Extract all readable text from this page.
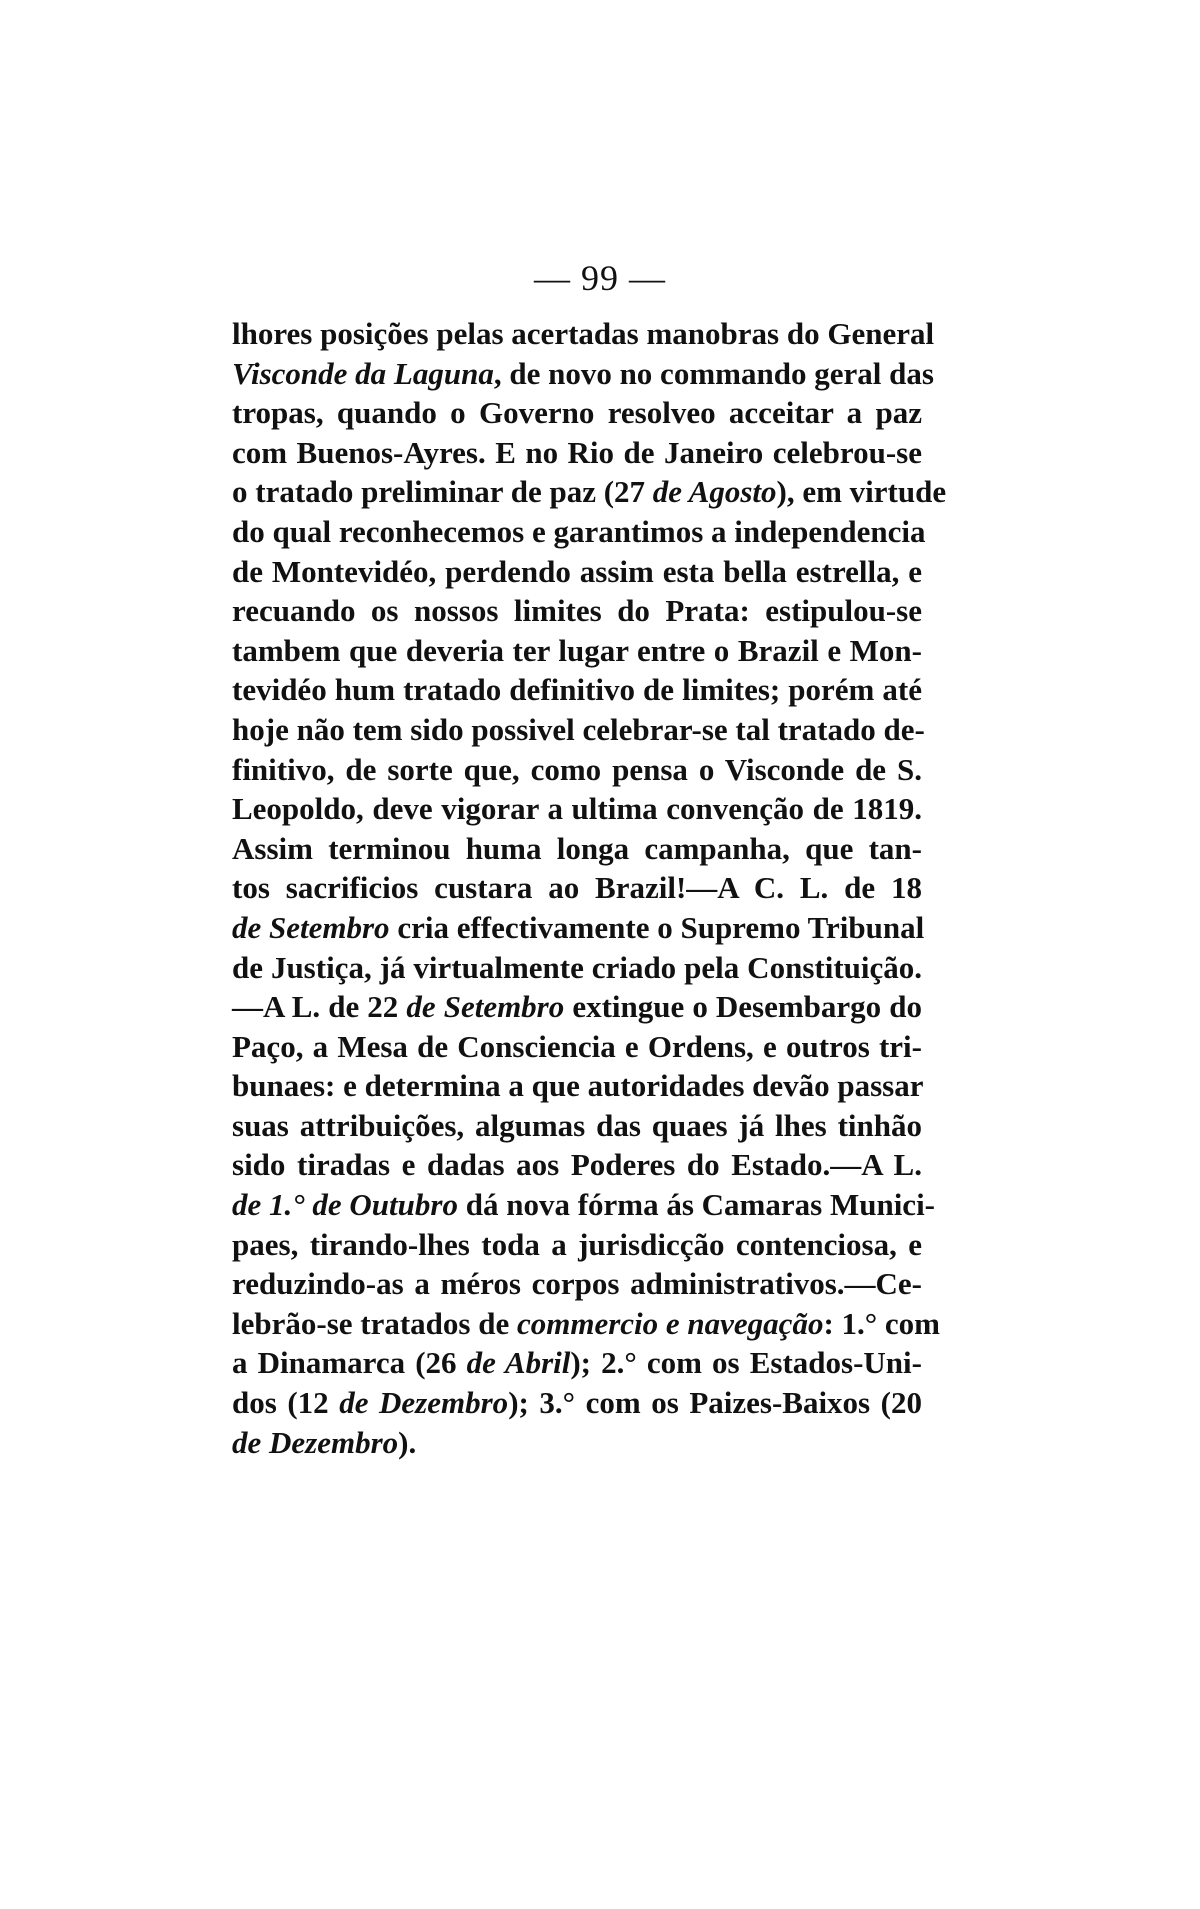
— 99 —
lhores posições pelas acertadas manobras do General
Visconde da Laguna, de novo no commando geral das
tropas, quando o Governo resolveo acceitar a paz
com Buenos-Ayres. E no Rio de Janeiro celebrou-se
o tratado preliminar de paz (27 de Agosto), em virtude
do qual reconhecemos e garantimos a independencia
de Montevidéo, perdendo assim esta bella estrella, e
recuando os nossos limites do Prata: estipulou-se
tambem que deveria ter lugar entre o Brazil e Mon-
tevidéo hum tratado definitivo de limites; porém até
hoje não tem sido possivel celebrar-se tal tratado de-
finitivo, de sorte que, como pensa o Visconde de S.
Leopoldo, deve vigorar a ultima convenção de 1819.
Assim terminou huma longa campanha, que tan-
tos sacrificios custara ao Brazil!—A C. L. de 18
de Setembro cria effectivamente o Supremo Tribunal
de Justiça, já virtualmente criado pela Constituição.
—A L. de 22 de Setembro extingue o Desembargo do
Paço, a Mesa de Consciencia e Ordens, e outros tri-
bunaes: e determina a que autoridades devão passar
suas attribuições, algumas das quaes já lhes tinhão
sido tiradas e dadas aos Poderes do Estado.—A L.
de 1.° de Outubro dá nova fórma ás Camaras Munici-
paes, tirando-lhes toda a jurisdicção contenciosa, e
reduzindo-as a méros corpos administrativos.—Ce-
lebrão-se tratados de commercio e navegação: 1.° com
a Dinamarca (26 de Abril); 2.° com os Estados-Uni-
dos (12 de Dezembro); 3.° com os Paizes-Baixos (20
de Dezembro).
